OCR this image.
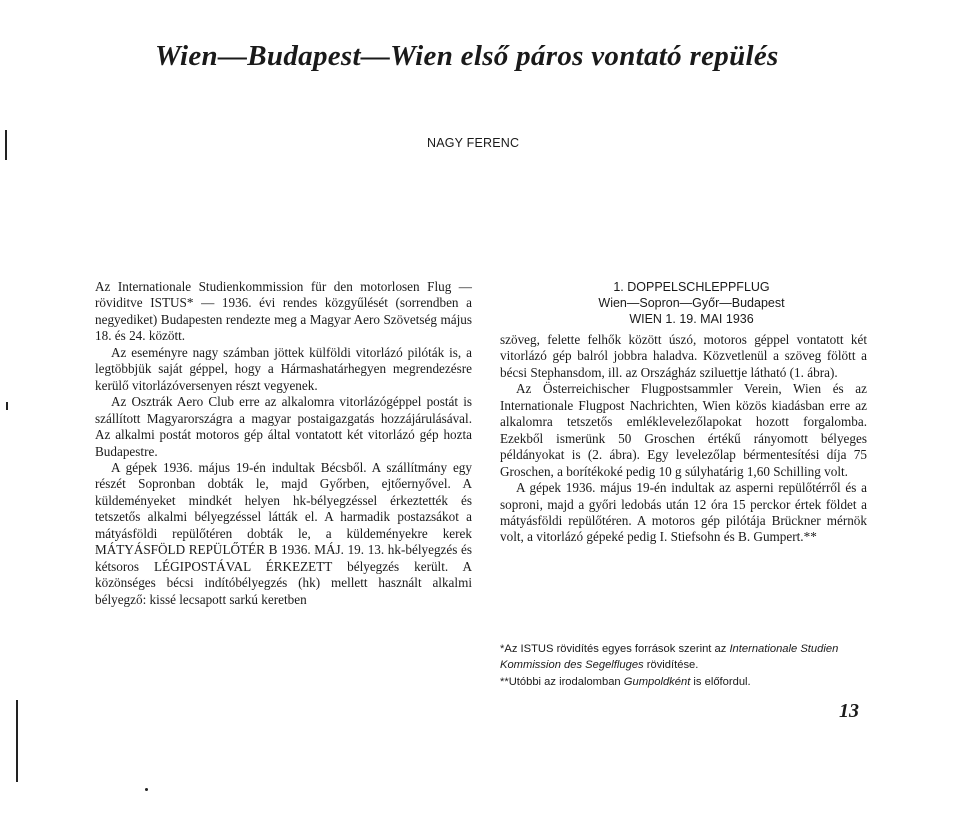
Wien—Budapest—Wien első páros vontató repülés
NAGY FERENC

Az Internationale Studienkommission für den motorlosen Flug — röviditve ISTUS* — 1936. évi rendes közgyűlését (sorrendben a negyediket) Budapesten rendezte meg a Magyar Aero Szövetség május 18. és 24. között.

Az eseményre nagy számban jöttek külföldi vitorlázó pilóták is, a legtöbbjük saját géppel, hogy a Hármashatárhegyen megrendezésre kerülő vitorlázóversenyen részt vegyenek.

Az Osztrák Aero Club erre az alkalomra vitorlázógéppel postát is szállított Magyarországra a magyar postaigazgatás hozzájárulásával. Az alkalmi postát motoros gép által vontatott két vitorlázó gép hozta Budapestre.

A gépek 1936. május 19-én indultak Bécsből. A szállítmány egy részét Sopronban dobták le, majd Győrben, ejtőernyővel. A küldeményeket mindkét helyen hk-bélyegzéssel érkeztették és tetszetős alkalmi bélyegzéssel látták el. A harmadik postazsákot a mátyásföldi repülőtéren dobták le, a küldeményekre kerek MÁTYÁSFÖLD REPÜLŐTÉR B 1936. MÁJ. 19. 13. hk-bélyegzés és kétsoros LÉGIPOSTÁVAL ÉRKEZETT bélyegzés került. A közönséges bécsi indítóbélyegzés (hk) mellett használt alkalmi bélyegző: kissé lecsapott sarkú keretben

1. DOPPELSCHLEPPFLUG

Wien—Sopron—Győr—Budapest

WIEN 1. 19. MAI 1936

szöveg, felette felhők között úszó, motoros géppel vontatott két vitorlázó gép balról jobbra haladva. Közvetlenül a szöveg fölött a bécsi Stephansdom, ill. az Országház sziluettje látható (1. ábra).

Az Österreichischer Flugpostsammler Verein, Wien és az Internationale Flugpost Nachrichten, Wien közös kiadásban erre az alkalomra tetszetős emléklevelezőlapokat hozott forgalomba. Ezekből ismerünk 50 Groschen értékű rányomott bélyeges példányokat is (2. ábra). Egy levelezőlap bérmentesítési díja 75 Groschen, a borítékoké pedig 10 g súlyhatárig 1,60 Schilling volt.

A gépek 1936. május 19-én indultak az asperni repülőtérről és a soproni, majd a győri ledobás után 12 óra 15 perckor értek földet a mátyásföldi repülőtéren. A motoros gép pilótája Brückner mérnök volt, a vitorlázó gépeké pedig I. Stiefsohn és B. Gumpert.**

*Az ISTUS rövidítés egyes források szerint az Internationale Studien Kommission des Segelfluges rövidítése.

**Utóbbi az irodalomban Gumpoldként is előfordul.

13
